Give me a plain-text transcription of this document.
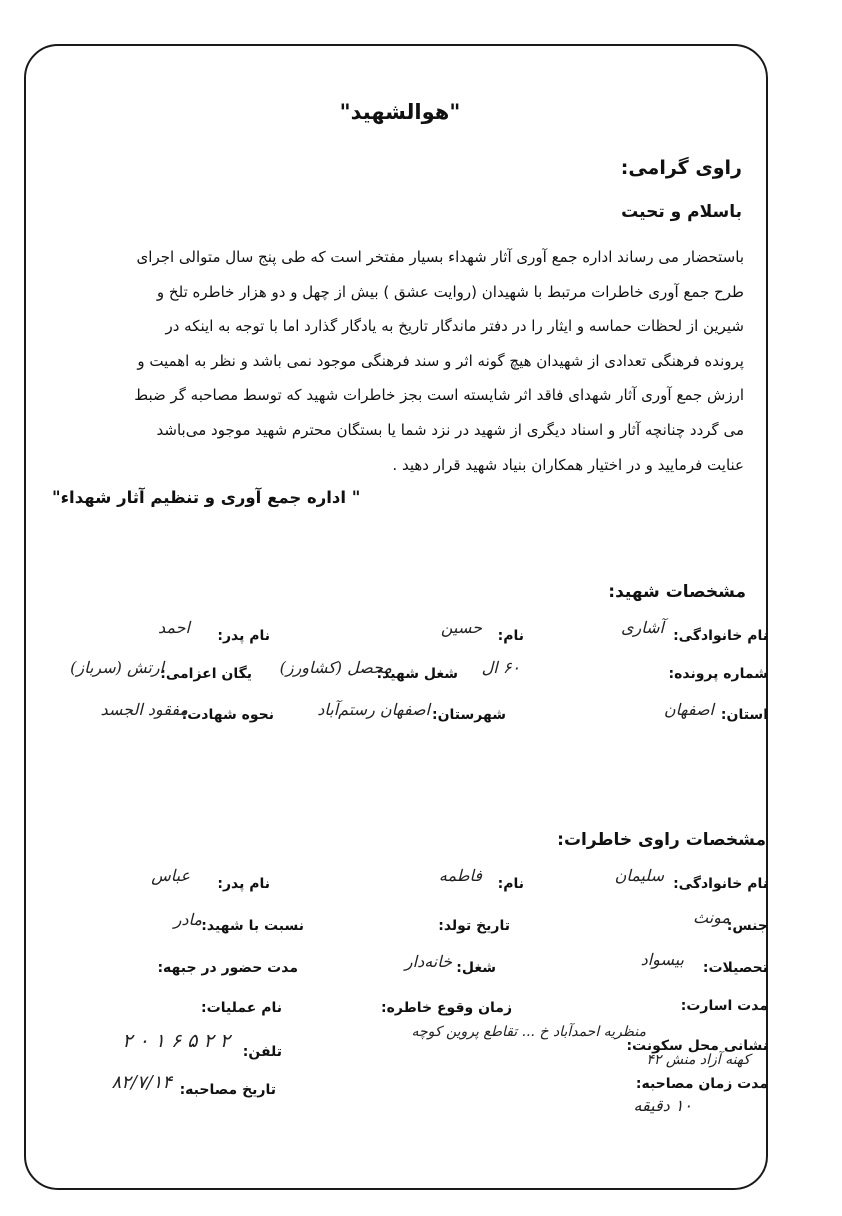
"هوالشهید"
راوی گرامی:
باسلام و تحیت

باستحضار می رساند اداره جمع آوری آثار شهداء بسیار مفتخر است که طی پنج سال متوالی اجرای

طرح جمع آوری خاطرات مرتبط با شهیدان (روایت عشق ) بیش از چهل و دو هزار خاطره تلخ و

شیرین از لحظات حماسه و ایثار را در دفتر ماندگار تاریخ به یادگار گذارد اما با توجه به اینکه در

پرونده فرهنگی تعدادی از شهیدان هیچ گونه اثر و سند فرهنگی موجود نمی باشد و نظر به اهمیت و

ارزش جمع آوری آثار شهدای فاقد اثر شایسته است بجز خاطرات شهید که توسط مصاحبه گر ضبط

می گردد چنانچه آثار و اسناد دیگری از شهید در نزد شما یا بستگان محترم شهید موجود می‌باشد

عنایت فرمایید و در اختیار همکاران بنیاد شهید قرار دهید .

" اداره جمع آوری و تنظیم آثار شهداء"
مشخصات شهید:
نام خانوادگی:
آشاری
نام:
حسین
نام پدر:
احمد
شماره پرونده:
۶۰ ال
شغل شهید:
محصل (کشاورز)
یگان اعزامی:
ارتش (سرباز)
استان:
اصفهان
شهرستان:
اصفهان رستم‌آباد
نحوه شهادت:
مفقود الجسد
مشخصات راوی خاطرات:
نام خانوادگی:
سلیمان
نام:
فاطمه
نام پدر:
عباس
جنس:
مونث
تاریخ تولد:
نسبت با شهید:
مادر
تحصیلات:
بیسواد
شغل:
خانه‌دار
مدت حضور در جبهه:
مدت اسارت:
زمان وقوع خاطره:
نام عملیات:
نشانی محل سکونت:
منظریه احمدآباد خ ... تقاطع پروین کوچه
کهنه آزاد منش ۴۲
تلفن:
۲ ۲ ۵ ۶ ۱ ۰ ۲
مدت زمان مصاحبه:
۱۰ دقیقه
تاریخ مصاحبه:
۸۲/۷/۱۴
